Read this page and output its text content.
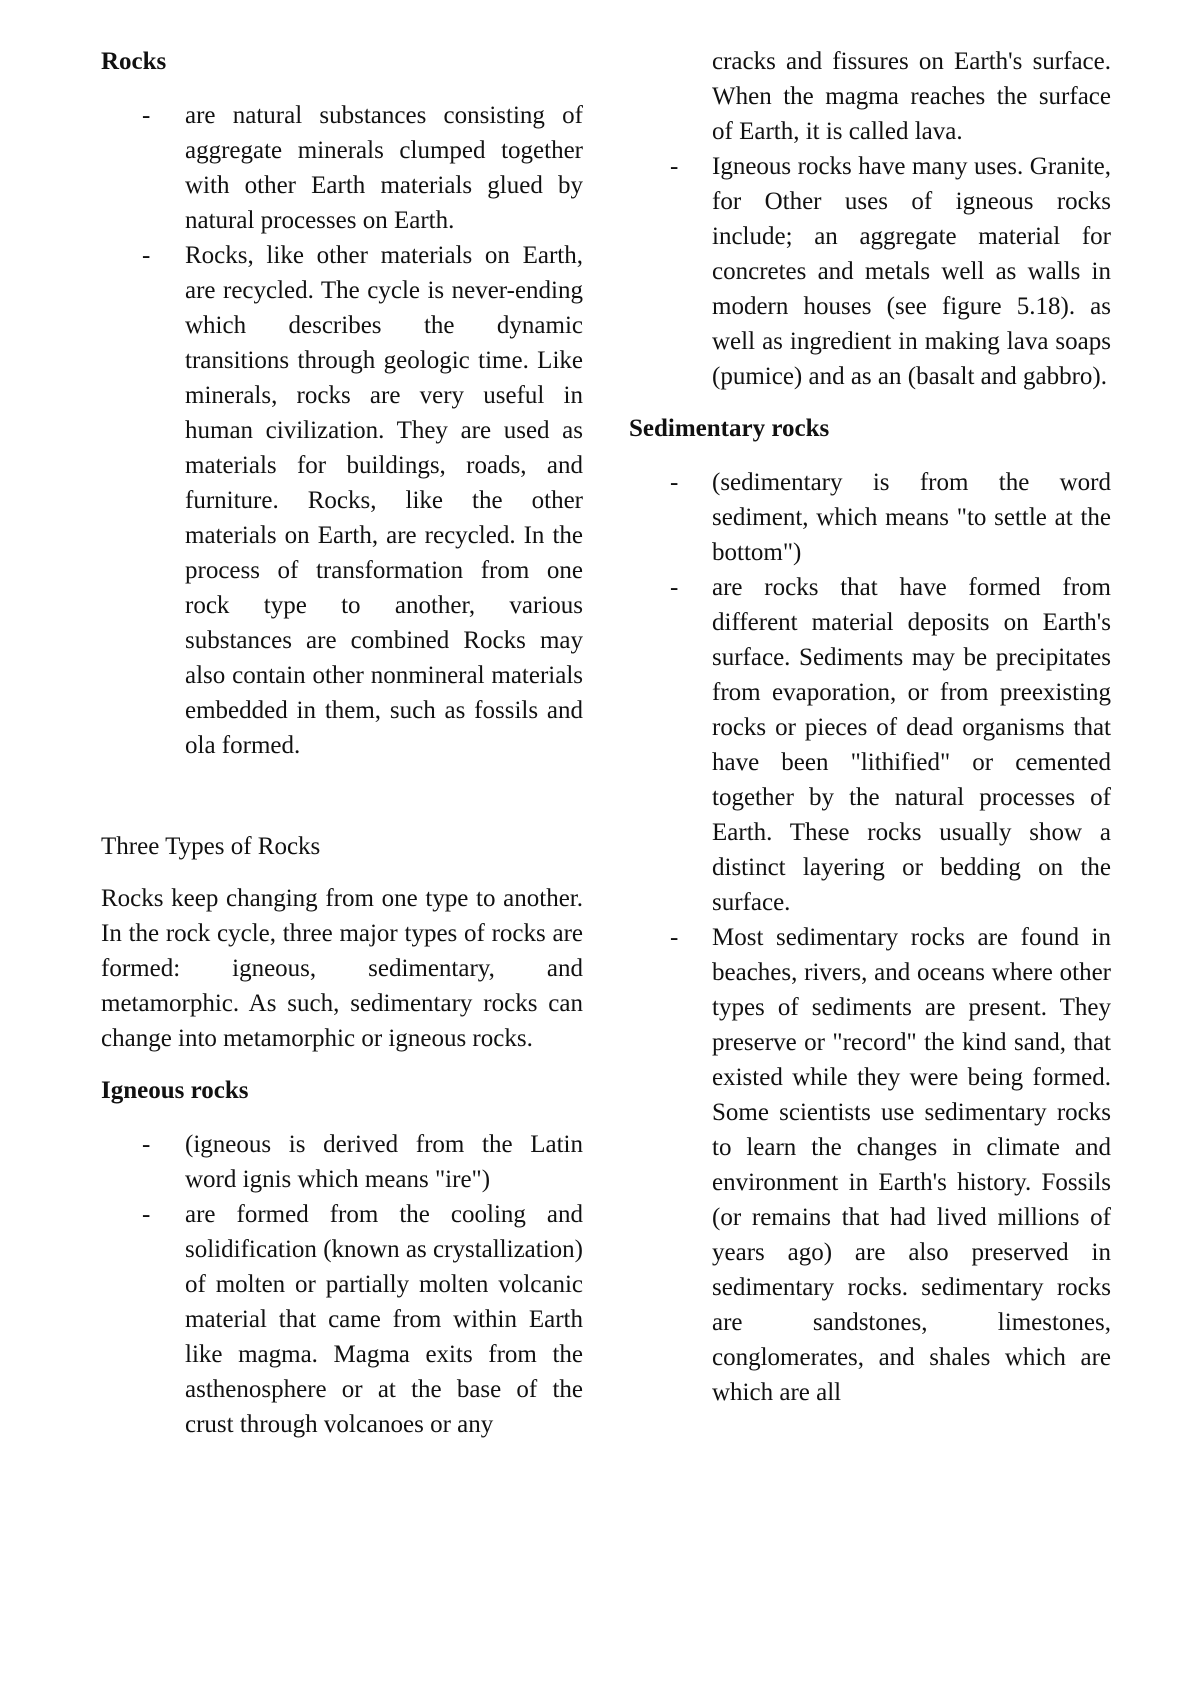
Rocks
- are natural substances consisting of aggregate minerals clumped together with other Earth materials glued by natural processes on Earth.
- Rocks, like other materials on Earth, are recycled. The cycle is never-ending which describes the dynamic transitions through geologic time. Like minerals, rocks are very useful in human civilization. They are used as materials for buildings, roads, and furniture. Rocks, like the other materials on Earth, are recycled. In the process of transformation from one rock type to another, various substances are combined Rocks may also contain other nonmineral materials embedded in them, such as fossils and ola formed.
Three Types of Rocks
Rocks keep changing from one type to another. In the rock cycle, three major types of rocks are formed: igneous, sedimentary, and metamorphic. As such, sedimentary rocks can change into metamorphic or igneous rocks.
Igneous rocks
- (igneous is derived from the Latin word ignis which means "ire")
- are formed from the cooling and solidification (known as crystallization) of molten or partially molten volcanic material that came from within Earth like magma. Magma exits from the asthenosphere or at the base of the crust through volcanoes or any
cracks and fissures on Earth's surface. When the magma reaches the surface of Earth, it is called lava.
- Igneous rocks have many uses. Granite, for Other uses of igneous rocks include; an aggregate material for concretes and metals well as walls in modern houses (see figure 5.18). as well as ingredient in making lava soaps (pumice) and as an (basalt and gabbro).
Sedimentary rocks
- (sedimentary is from the word sediment, which means "to settle at the bottom")
- are rocks that have formed from different material deposits on Earth's surface. Sediments may be precipitates from evaporation, or from preexisting rocks or pieces of dead organisms that have been "lithified" or cemented together by the natural processes of Earth. These rocks usually show a distinct layering or bedding on the surface.
- Most sedimentary rocks are found in beaches, rivers, and oceans where other types of sediments are present. They preserve or "record" the kind sand, that existed while they were being formed. Some scientists use sedimentary rocks to learn the changes in climate and environment in Earth's history. Fossils (or remains that had lived millions of years ago) are also preserved in sedimentary rocks. sedimentary rocks are sandstones, limestones, conglomerates, and shales which are which are all
